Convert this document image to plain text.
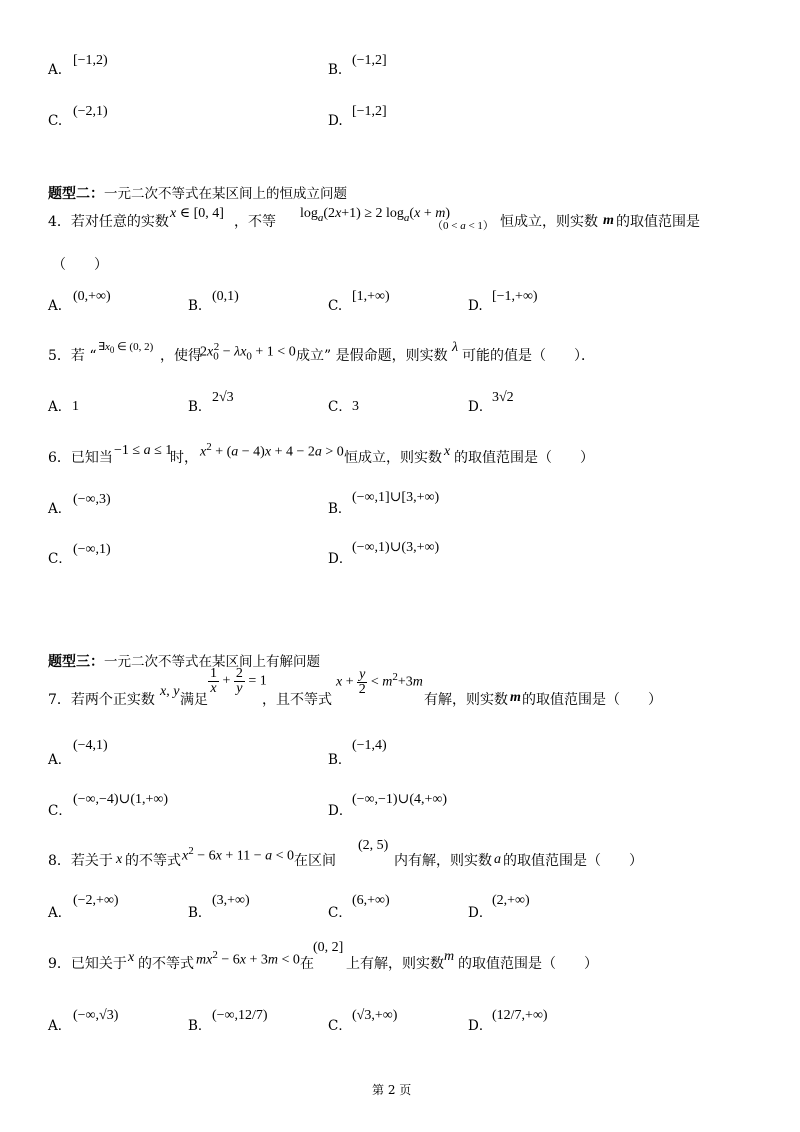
A.
[−1,2)
B.
(−1,2]
C.
(−2,1)
D.
[−1,2]
题型二：一元二次不等式在某区间上的恒成立问题
4．若对任意的实数
x ∈ [0, 4]
，不等
$\log_a(2x+1) \ge 2$ $\log_a(x + m)$
（0 < a < 1） 恒成立，则实数 m 的取值范围是
（　　）
A.
(0,+∞)
B.
(0,1)
C.
[1,+∞)
D.
[−1,+∞)
5．若 “
$\exists x_0$ ∈ (0, 2)
，使得
$2x_0^2 - \lambda x_0 + 1 < 0$ 成立” 是假命题，则实数
λ
可能的值是（　　）．
A． 1	B．
2√3
C． 3	D．
3√2
6．已知当 −1 ≤ a ≤ 1
时， $x^2 + (a - 4)x + 4 - 2a > 0$ 恒成立，则实数 x 的取值范围是（　　）
A．
(−∞,3)
B．
(−∞,1]∪[3,+∞)
C．
(−∞,1)
D．
(−∞,1)∪(3,+∞)
题型三：一元二次不等式在某区间上有解问题
7．若两个正实数
x, y
满足
$\frac{1}{x} + \frac{2}{y} = 1$
，且不等式
$x + \frac{y}{2} < m^2+3m$
有解，则实数 m 的取值范围是（　　）
A．
(−4,1)
B．
(−1,4)
C．
(−∞,−4)∪(1,+∞)
D．
(−∞,−1)∪(4,+∞)
8．若关于 x 的不等式 $x^2 - 6x + 11 - a < 0$ 在区间
(2, 5)
内有解，则实数 a 的取值范围是（　　）
A．
(−2,+∞)
B．
(3,+∞)
C．
(6,+∞)
D．
(2,+∞)
9．已知关于 x 的不等式 $mx^2 - 6x + 3m < 0$ 在
(0, 2]
上有解，则实数 m 的取值范围是（　　）
A．
(−∞,√3)
B．
(−∞,12/7)
C．
(√3,+∞)
D．
(12/7,+∞)
第 2 页
